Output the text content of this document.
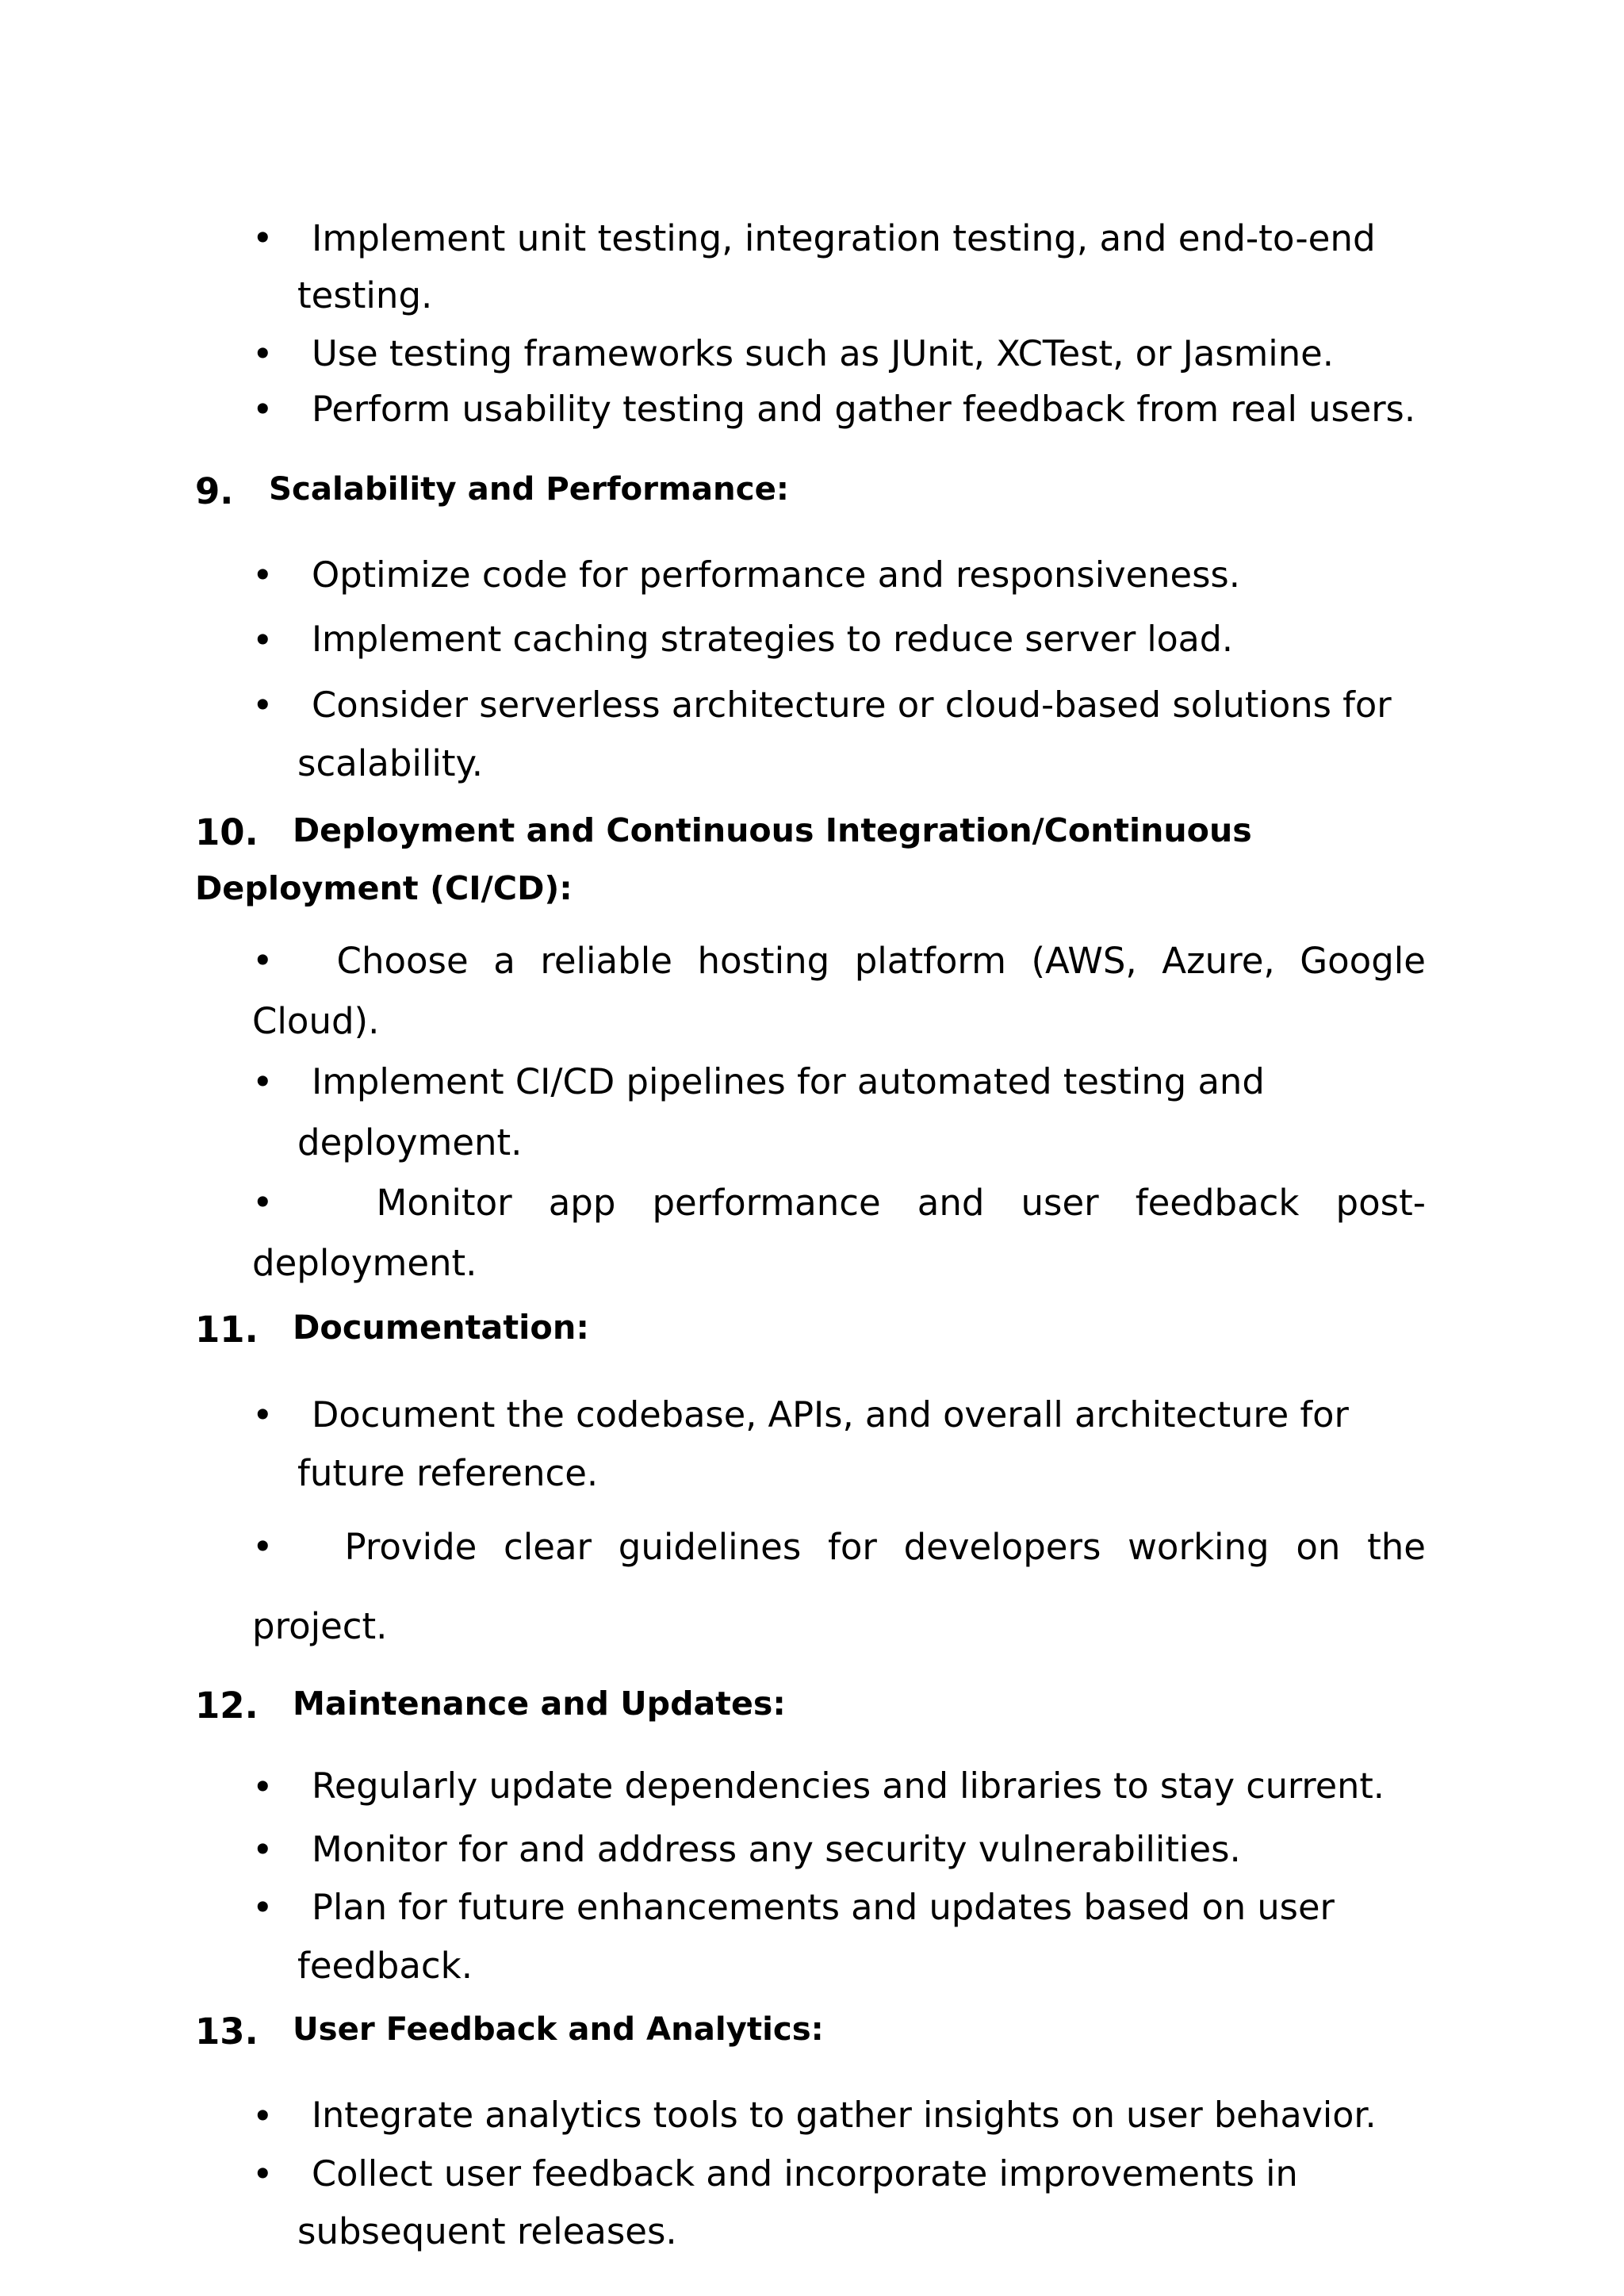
• Implement unit testing, integration testing, and end-to-end
testing.
• Use testing frameworks such as JUnit, XCTest, or Jasmine.
• Perform usability testing and gather feedback from real users.
9. Scalability and Performance:
• Optimize code for performance and responsiveness.
• Implement caching strategies to reduce server load.
• Consider serverless architecture or cloud-based solutions for
scalability.
10. Deployment and Continuous Integration/Continuous
Deployment (CI/CD):
• Choose a reliable hosting platform (AWS, Azure, Google
Cloud).
• Implement CI/CD pipelines for automated testing and
deployment.
•	Monitor app performance and user feedback post-
deployment.
11. Documentation:
• Document the codebase, APIs, and overall architecture for
future reference.
• Provide clear guidelines for developers working on the
project.
12. Maintenance and Updates:
• Regularly update dependencies and libraries to stay current.
• Monitor for and address any security vulnerabilities.
• Plan for future enhancements and updates based on user
feedback.
13. User Feedback and Analytics:
• Integrate analytics tools to gather insights on user behavior.
• Collect user feedback and incorporate improvements in
subsequent releases.
